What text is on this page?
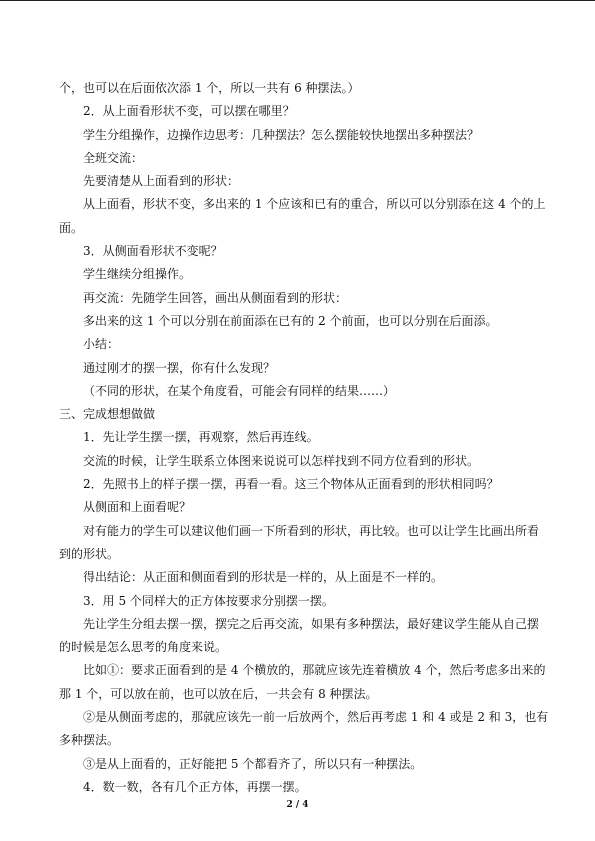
个，也可以在后面依次添 1 个，所以一共有 6 种摆法。）
2．从上面看形状不变，可以摆在哪里？
学生分组操作，边操作边思考：几种摆法？怎么摆能较快地摆出多种摆法？
全班交流：
先要清楚从上面看到的形状：
从上面看，形状不变，多出来的 1 个应该和已有的重合，所以可以分别添在这 4 个的上
面。
3．从侧面看形状不变呢？
学生继续分组操作。
再交流：先随学生回答，画出从侧面看到的形状：
多出来的这 1 个可以分别在前面添在已有的 2 个前面，也可以分别在后面添。
小结：
通过刚才的摆一摆，你有什么发现？
（不同的形状，在某个角度看，可能会有同样的结果……）
三、完成想想做做
1．先让学生摆一摆，再观察，然后再连线。
交流的时候，让学生联系立体图来说说可以怎样找到不同方位看到的形状。
2．先照书上的样子摆一摆，再看一看。这三个物体从正面看到的形状相同吗？
从侧面和上面看呢？
对有能力的学生可以建议他们画一下所看到的形状，再比较。也可以让学生比画出所看
到的形状。
得出结论：从正面和侧面看到的形状是一样的，从上面是不一样的。
3．用 5 个同样大的正方体按要求分别摆一摆。
先让学生分组去摆一摆，摆完之后再交流，如果有多种摆法，最好建议学生能从自己摆
的时候是怎么思考的角度来说。
比如①：要求正面看到的是 4 个横放的，那就应该先连着横放 4 个，然后考虑多出来的
那 1 个，可以放在前，也可以放在后，一共会有 8 种摆法。
②是从侧面考虑的，那就应该先一前一后放两个，然后再考虑 1 和 4 或是 2 和 3，也有
多种摆法。
③是从上面看的，正好能把 5 个都看齐了，所以只有一种摆法。
4．数一数，各有几个正方体，再摆一摆。
2 / 4
